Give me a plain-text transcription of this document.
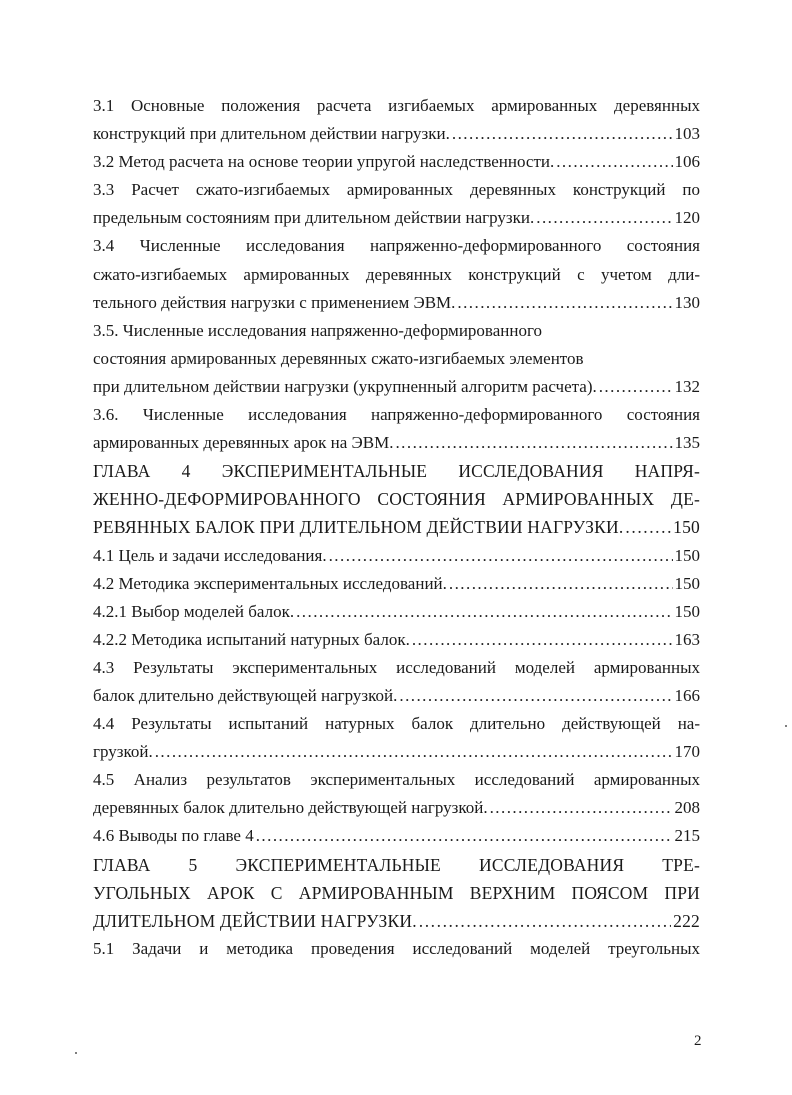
3.1 Основные положения расчета изгибаемых армированных деревянных
конструкций при длительном действии нагрузки. . . .	103
3.2 Метод расчета на основе теории упругой наследственности. . . .	106
3.3 Расчет сжато-изгибаемых армированных деревянных конструкций по
предельным состояниям при длительном действии нагрузки. . . .	120
3.4 Численные исследования напряженно-деформированного состояния
сжато-изгибаемых армированных деревянных конструкций с учетом дли-
тельного действия нагрузки с применением ЭВМ. . . .	130
3.5. Численные исследования напряженно-деформированного
состояния армированных деревянных сжато-изгибаемых элементов
при длительном действии нагрузки (укрупненный алгоритм расчета). . . .	132
3.6. Численные исследования напряженно-деформированного состояния
армированных деревянных арок на ЭВМ. . . .	135
ГЛАВА 4 ЭКСПЕРИМЕНТАЛЬНЫЕ ИССЛЕДОВАНИЯ НАПРЯ-
ЖЕННО-ДЕФОРМИРОВАННОГО СОСТОЯНИЯ АРМИРОВАННЫХ ДЕ-
РЕВЯННЫХ БАЛОК ПРИ ДЛИТЕЛЬНОМ ДЕЙСТВИИ НАГРУЗКИ. . . .	150
4.1 Цель и задачи исследования. . . .	150
4.2 Методика экспериментальных исследований. . . .	150
4.2.1 Выбор моделей балок. . . .	150
4.2.2 Методика испытаний натурных балок. . . .	163
4.3 Результаты экспериментальных исследований моделей армированных
балок длительно действующей нагрузкой. . . .	166
4.4 Результаты испытаний натурных балок длительно действующей на-
грузкой. . . .	170
4.5 Анализ результатов экспериментальных исследований армированных
деревянных балок длительно действующей нагрузкой. . . .	208
4.6 Выводы по главе 4 . . .	215
ГЛАВА 5 ЭКСПЕРИМЕНТАЛЬНЫЕ ИССЛЕДОВАНИЯ ТРЕ-
УГОЛЬНЫХ АРОК С АРМИРОВАННЫМ ВЕРХНИМ ПОЯСОМ ПРИ
ДЛИТЕЛЬНОМ ДЕЙСТВИИ НАГРУЗКИ. . . .	222
5.1 Задачи и методика проведения исследований моделей треугольных
2
